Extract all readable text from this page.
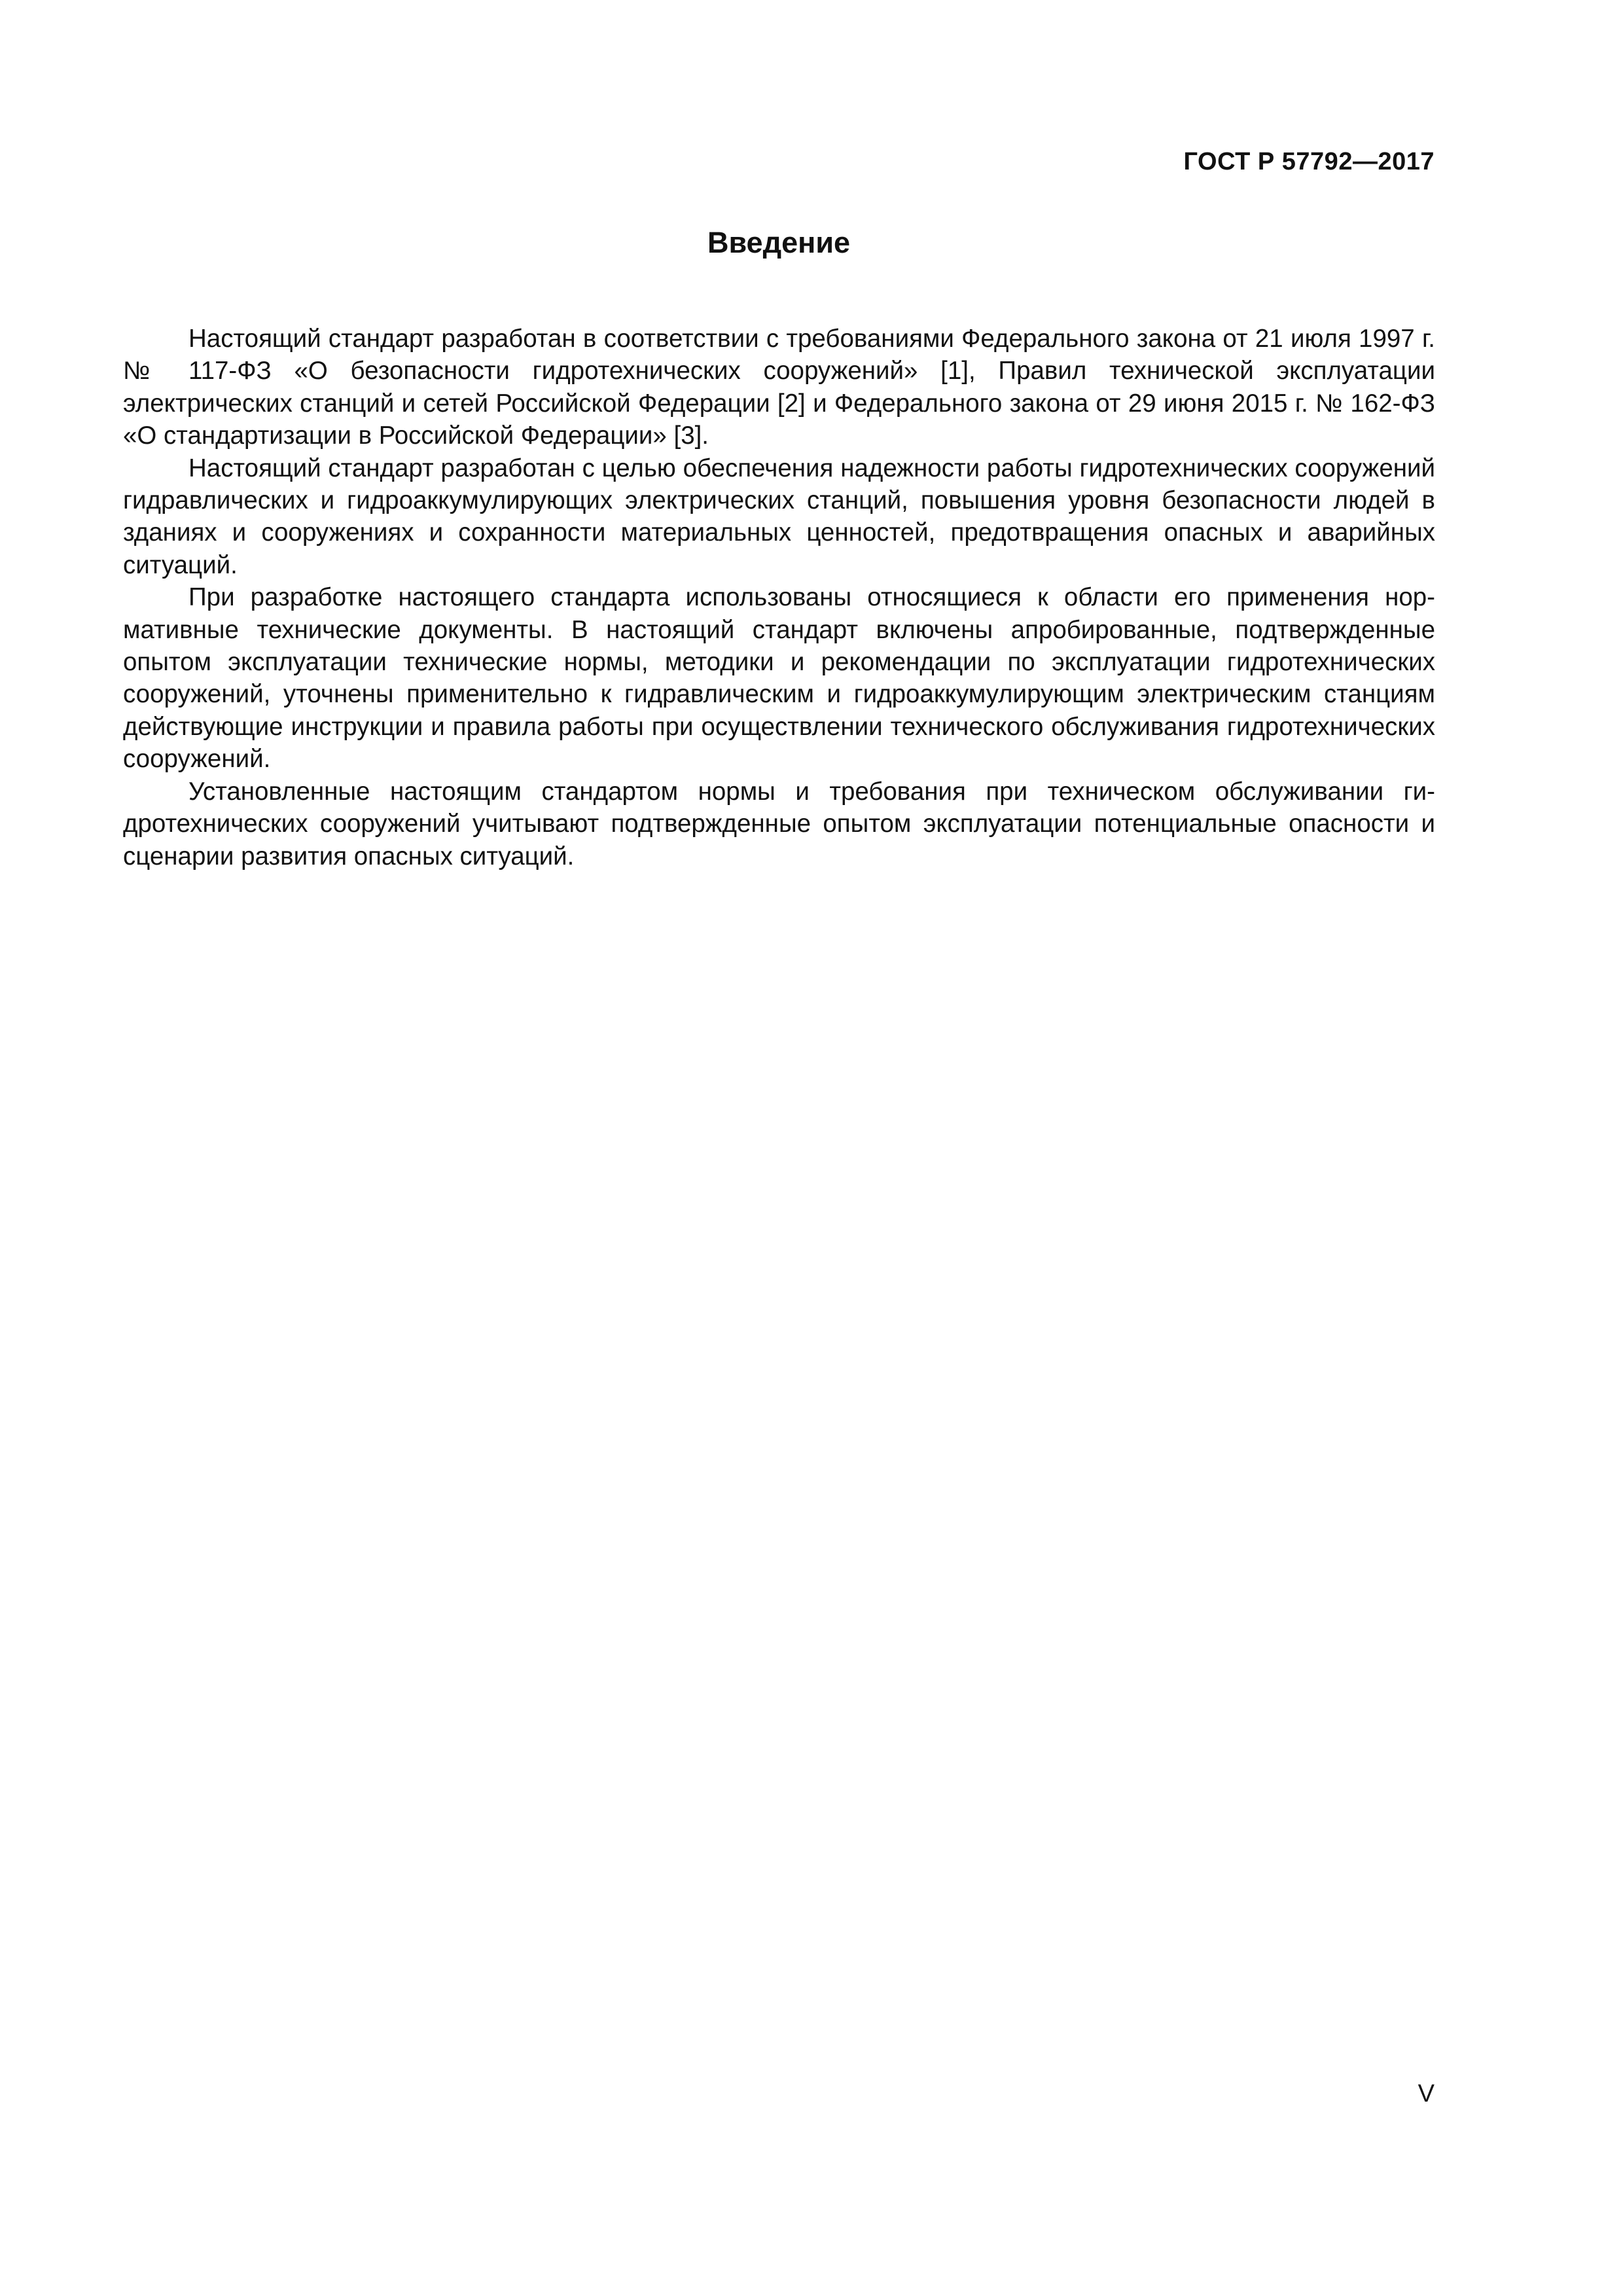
ГОСТ Р 57792—2017
Введение

Настоящий стандарт разработан в соответствии с требованиями Федерального закона от 21 июля 1997 г. № 117-ФЗ «О безопасности гидротехнических сооружений» [1], Правил технической эксплуатации электрических станций и сетей Российской Федерации [2] и Федерального закона от 29 июня 2015 г. № 162-ФЗ «О стандартизации в Российской Федерации» [3].

Настоящий стандарт разработан с целью обеспечения надежности работы гидротехнических сооружений гидравлических и гидроаккумулирующих электрических станций, повышения уровня безопасности людей в зданиях и сооружениях и сохранности материальных ценностей, предотвращения опасных и аварийных ситуаций.

При разработке настоящего стандарта использованы относящиеся к области его применения нормативные технические документы. В настоящий стандарт включены апробированные, подтвержденные опытом эксплуатации технические нормы, методики и рекомендации по эксплуатации гидротехнических сооружений, уточнены применительно к гидравлическим и гидроаккумулирующим электрическим станциям действующие инструкции и правила работы при осуществлении технического обслуживания гидротехнических сооружений.

Установленные настоящим стандартом нормы и требования при техническом обслуживании гидротехнических сооружений учитывают подтвержденные опытом эксплуатации потенциальные опасности и сценарии развития опасных ситуаций.

V
